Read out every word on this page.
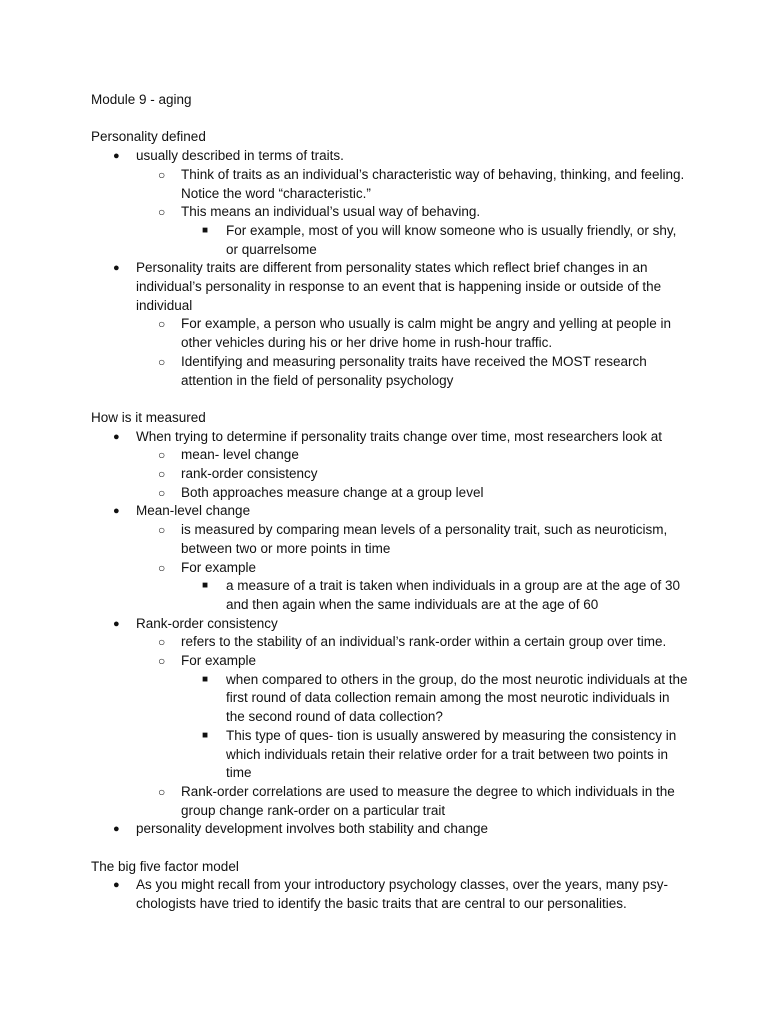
Module 9 - aging
Personality defined
● usually described in terms of traits.
○ Think of traits as an individual’s characteristic way of behaving, thinking, and feeling. Notice the word “characteristic.”
○ This means an individual’s usual way of behaving.
■ For example, most of you will know someone who is usually friendly, or shy, or quarrelsome
● Personality traits are different from personality states which reflect brief changes in an individual’s personality in response to an event that is happening inside or outside of the individual
○ For example, a person who usually is calm might be angry and yelling at people in other vehicles during his or her drive home in rush-hour traffic.
○ Identifying and measuring personality traits have received the MOST research attention in the field of personality psychology
How is it measured
● When trying to determine if personality traits change over time, most researchers look at
○ mean- level change
○ rank-order consistency
○ Both approaches measure change at a group level
● Mean-level change
○ is measured by comparing mean levels of a personality trait, such as neuroticism, between two or more points in time
○ For example
■ a measure of a trait is taken when individuals in a group are at the age of 30 and then again when the same individuals are at the age of 60
● Rank-order consistency
○ refers to the stability of an individual’s rank-order within a certain group over time.
○ For example
■ when compared to others in the group, do the most neurotic individuals at the first round of data collection remain among the most neurotic individuals in the second round of data collection?
■ This type of ques- tion is usually answered by measuring the consistency in which individuals retain their relative order for a trait between two points in time
○ Rank-order correlations are used to measure the degree to which individuals in the group change rank-order on a particular trait
● personality development involves both stability and change
The big five factor model
● As you might recall from your introductory psychology classes, over the years, many psy- chologists have tried to identify the basic traits that are central to our personalities.
